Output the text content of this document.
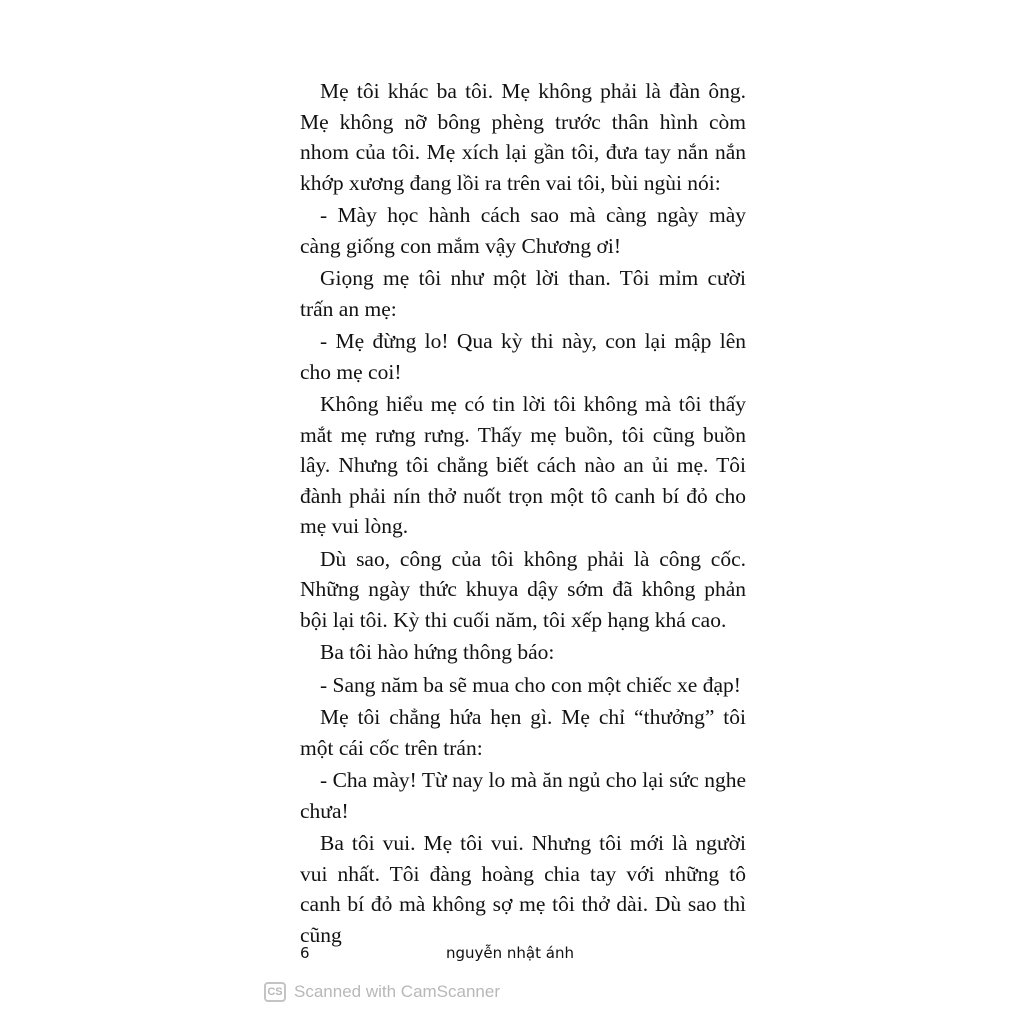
Mẹ tôi khác ba tôi. Mẹ không phải là đàn ông. Mẹ không nỡ bông phèng trước thân hình còm nhom của tôi. Mẹ xích lại gần tôi, đưa tay nắn nắn khớp xương đang lồi ra trên vai tôi, bùi ngùi nói:

- Mày học hành cách sao mà càng ngày mày càng giống con mắm vậy Chương ơi!

Giọng mẹ tôi như một lời than. Tôi mỉm cười trấn an mẹ:

- Mẹ đừng lo! Qua kỳ thi này, con lại mập lên cho mẹ coi!

Không hiểu mẹ có tin lời tôi không mà tôi thấy mắt mẹ rưng rưng. Thấy mẹ buồn, tôi cũng buồn lây. Nhưng tôi chẳng biết cách nào an ủi mẹ. Tôi đành phải nín thở nuốt trọn một tô canh bí đỏ cho mẹ vui lòng.

Dù sao, công của tôi không phải là công cốc. Những ngày thức khuya dậy sớm đã không phản bội lại tôi. Kỳ thi cuối năm, tôi xếp hạng khá cao.

Ba tôi hào hứng thông báo:

- Sang năm ba sẽ mua cho con một chiếc xe đạp!

Mẹ tôi chẳng hứa hẹn gì. Mẹ chỉ “thưởng” tôi một cái cốc trên trán:

- Cha mày! Từ nay lo mà ăn ngủ cho lại sức nghe chưa!

Ba tôi vui. Mẹ tôi vui. Nhưng tôi mới là người vui nhất. Tôi đàng hoàng chia tay với những tô canh bí đỏ mà không sợ mẹ tôi thở dài. Dù sao thì cũng

6	nguyễn nhật ánh
CS Scanned with CamScanner
